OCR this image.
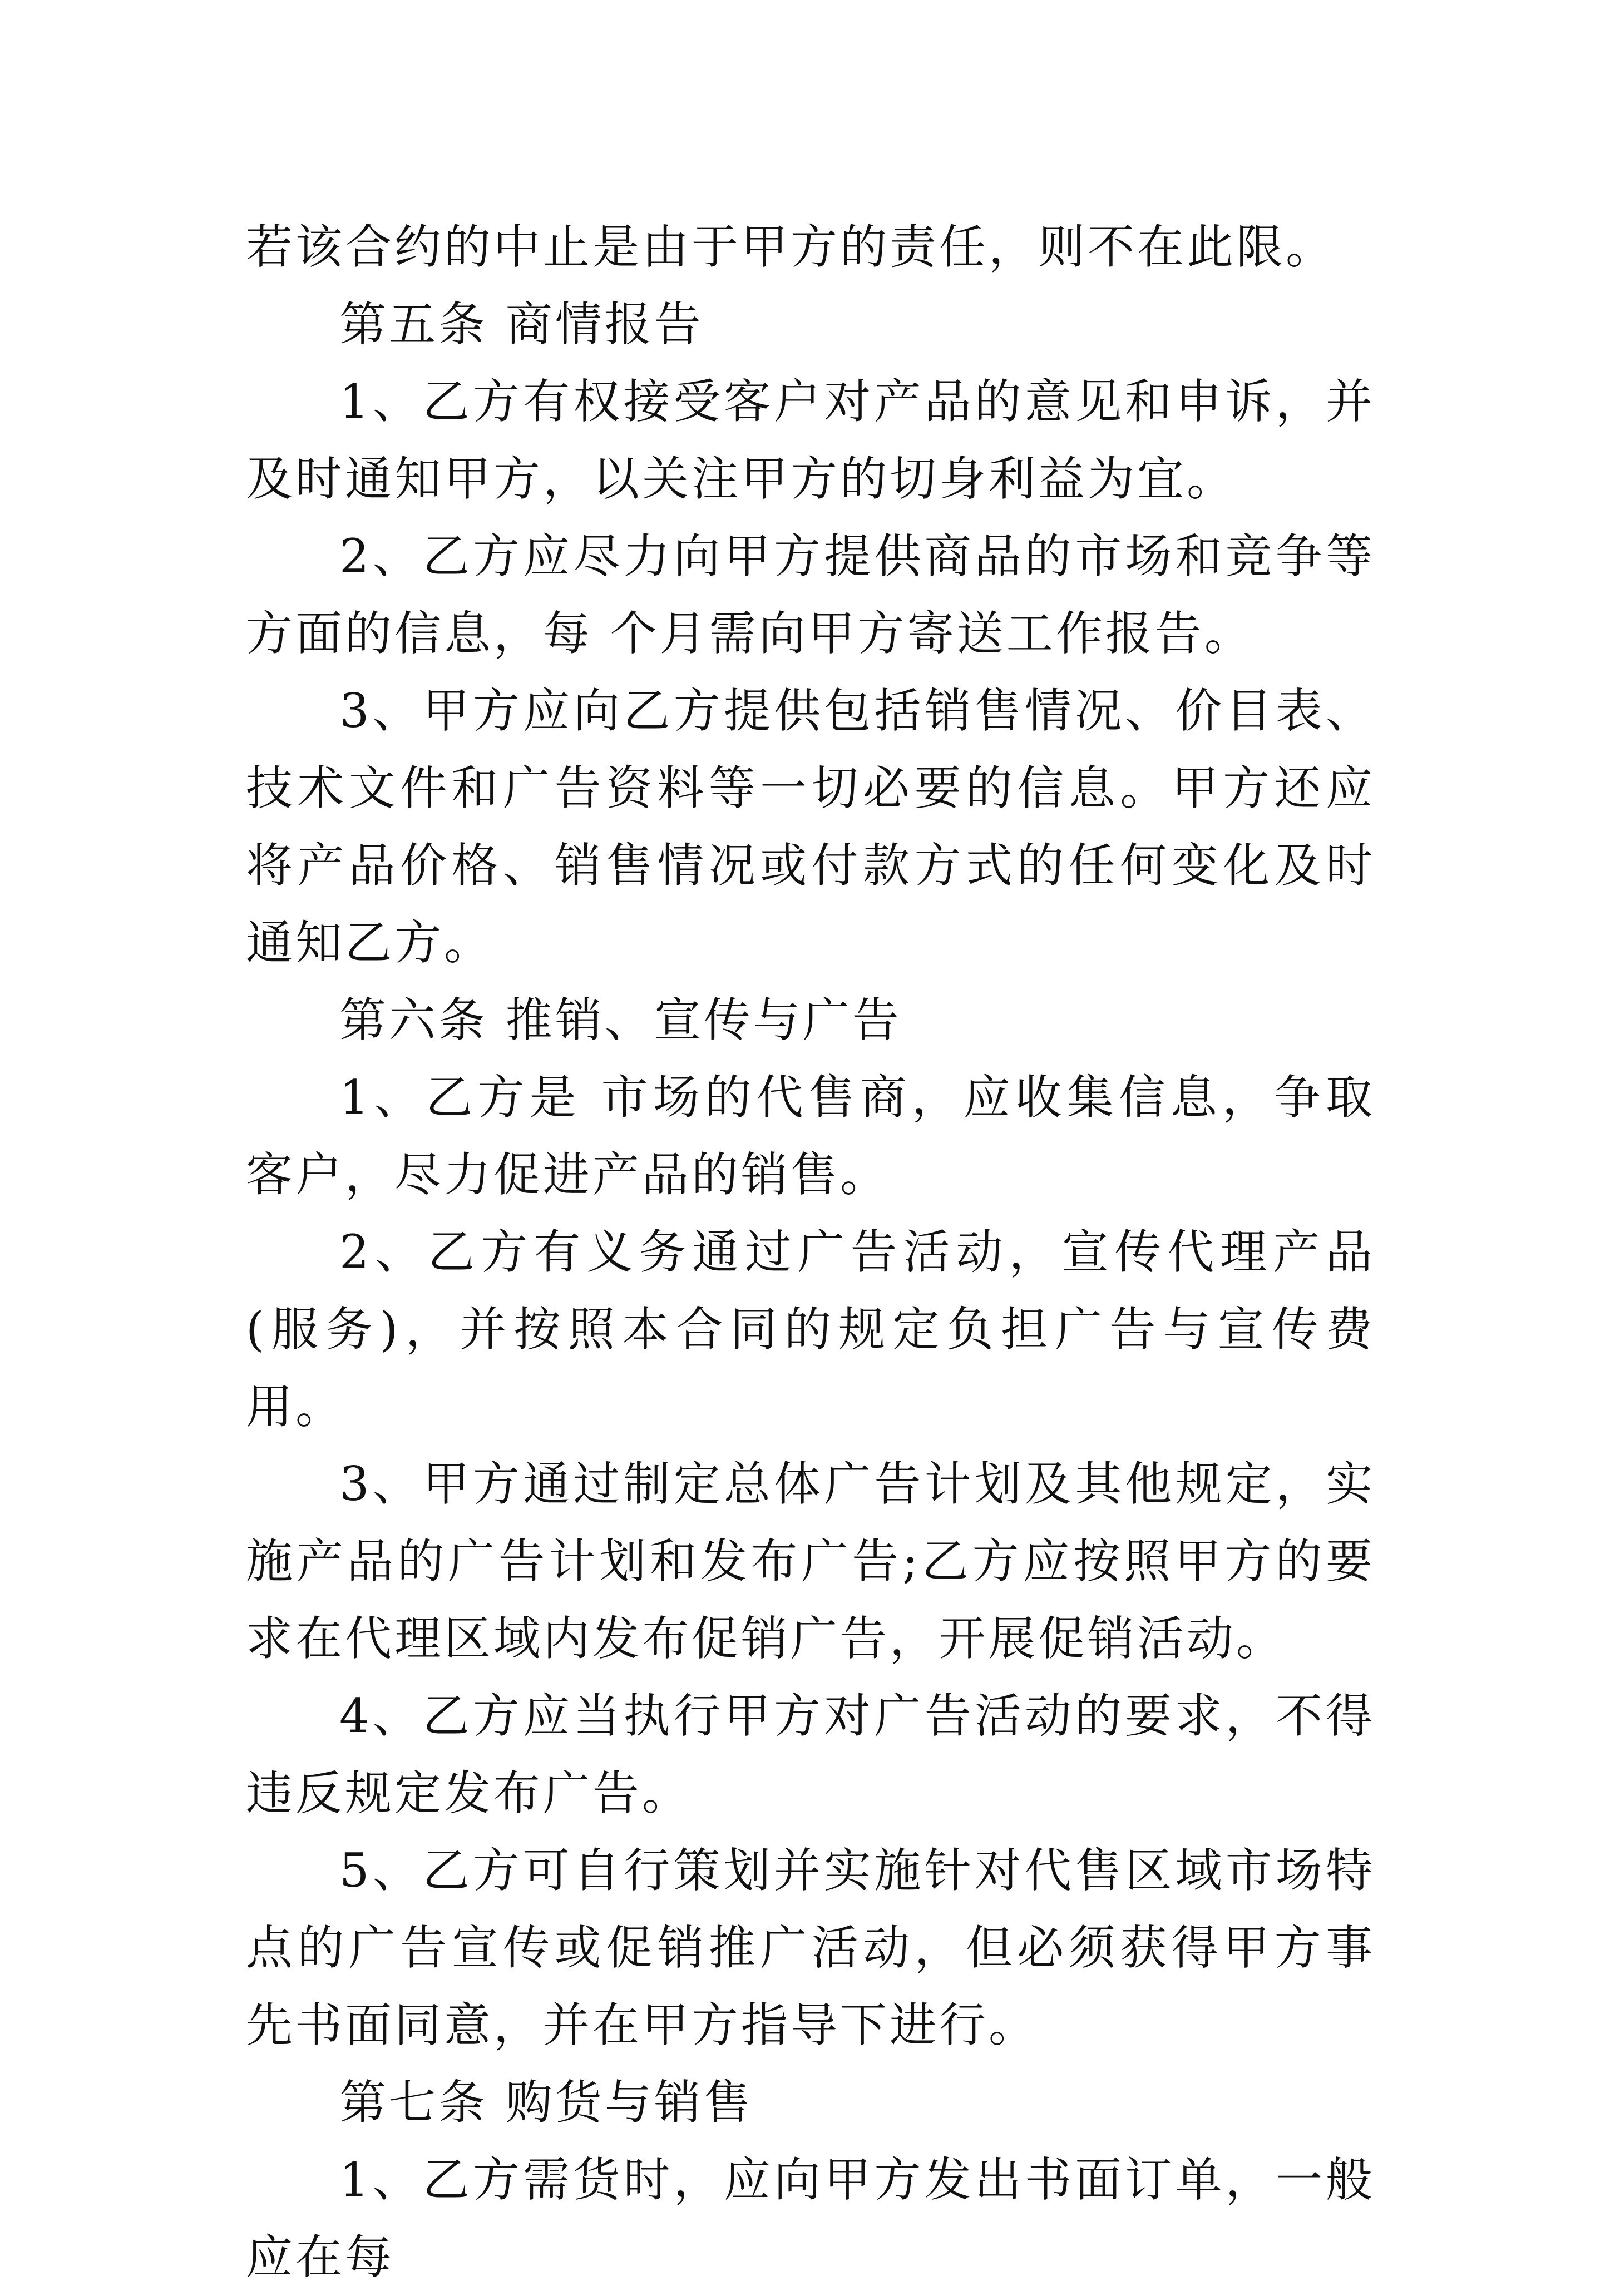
若该合约的中止是由于甲方的责任，则不在此限。

第五条 商情报告

1、乙方有权接受客户对产品的意见和申诉，并及时通知甲方，以关注甲方的切身利益为宜。

2、乙方应尽力向甲方提供商品的市场和竞争等方面的信息，每 个月需向甲方寄送工作报告。

3、甲方应向乙方提供包括销售情况、价目表、技术文件和广告资料等一切必要的信息。甲方还应将产品价格、销售情况或付款方式的任何变化及时通知乙方。

第六条 推销、宣传与广告

1、乙方是 市场的代售商，应收集信息，争取客户，尽力促进产品的销售。

2、乙方有义务通过广告活动，宣传代理产品(服务)，并按照本合同的规定负担广告与宣传费用。

3、甲方通过制定总体广告计划及其他规定，实施产品的广告计划和发布广告;乙方应按照甲方的要求在代理区域内发布促销广告，开展促销活动。

4、乙方应当执行甲方对广告活动的要求，不得违反规定发布广告。

5、乙方可自行策划并实施针对代售区域市场特点的广告宣传或促销推广活动，但必须获得甲方事先书面同意，并在甲方指导下进行。

第七条 购货与销售

1、乙方需货时，应向甲方发出书面订单，一般应在每
